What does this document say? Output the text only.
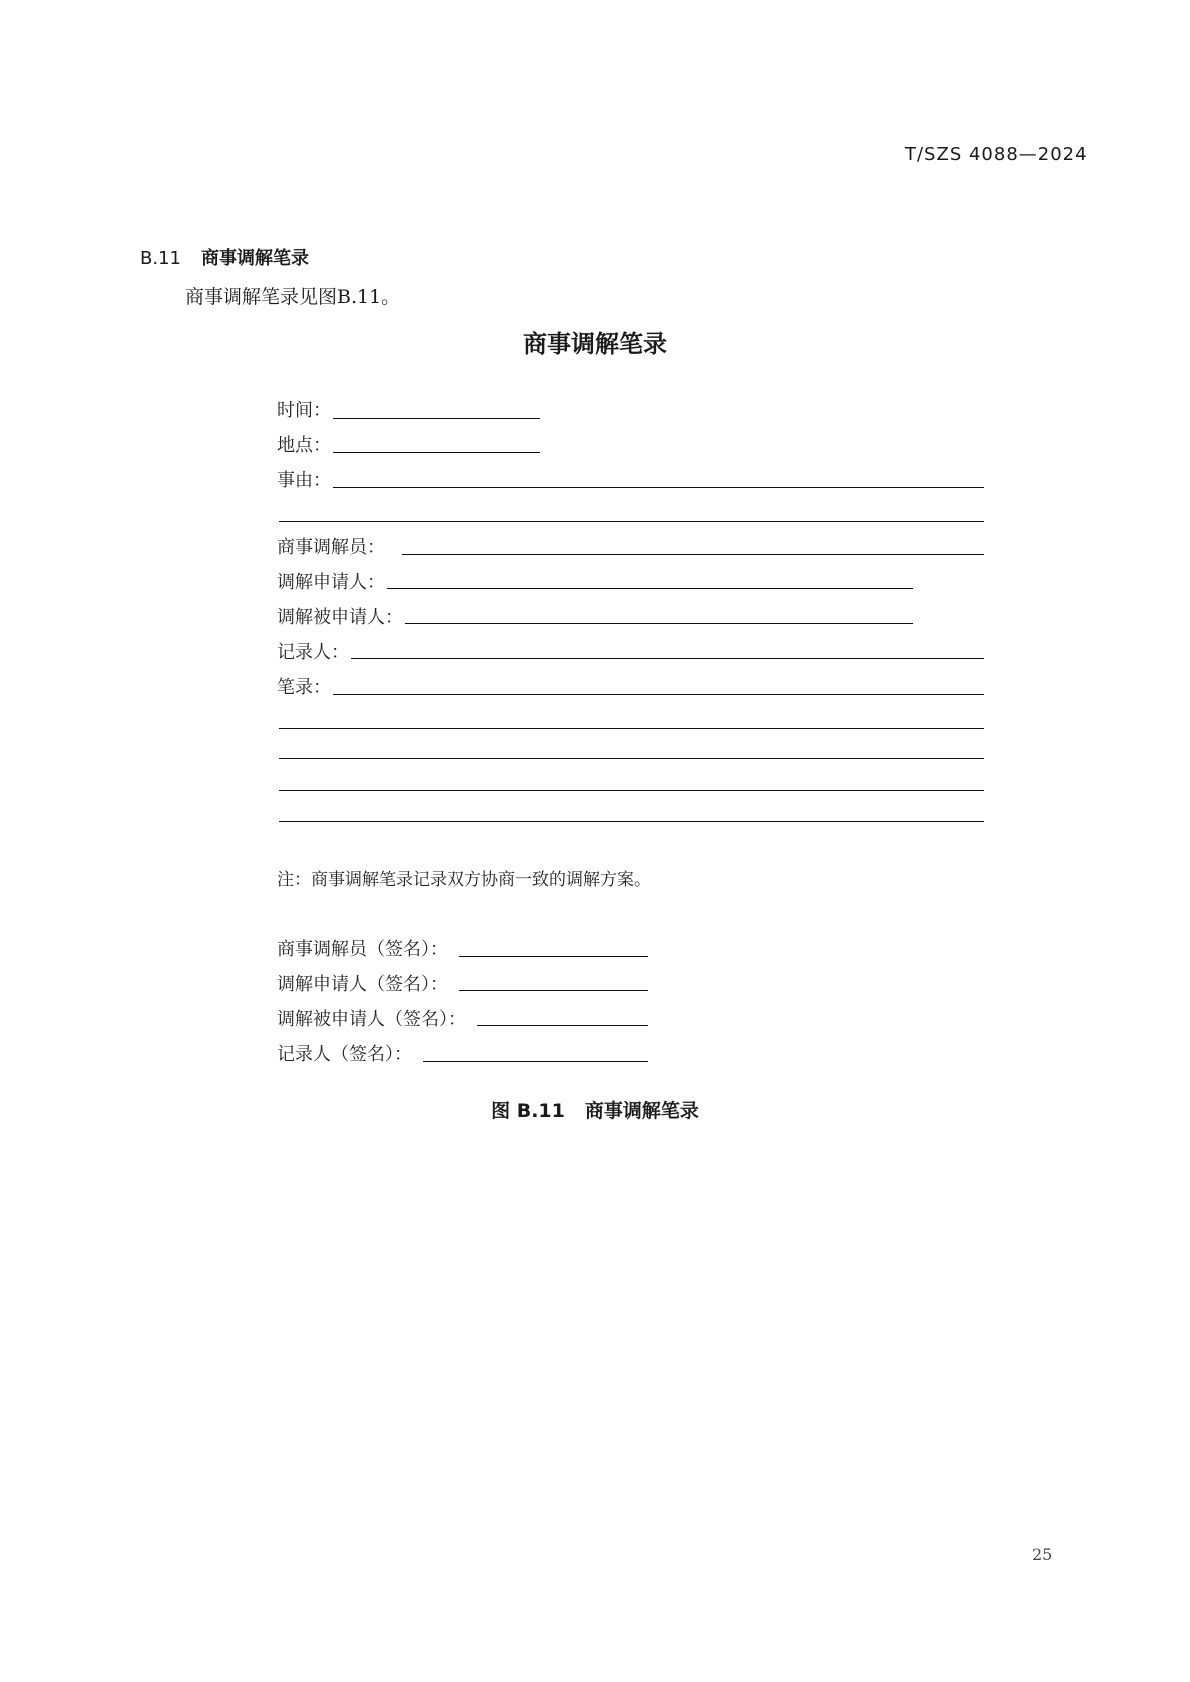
T/SZS 4088—2024
B.11 商事调解笔录
商事调解笔录见图B.11。
商事调解笔录
时间：
地点：
事由：
商事调解员：
调解申请人：
调解被申请人：
记录人：
笔录：
注：商事调解笔录记录双方协商一致的调解方案。
商事调解员（签名）：
调解申请人（签名）：
调解被申请人（签名）：
记录人（签名）：
图 B.11 商事调解笔录
25
